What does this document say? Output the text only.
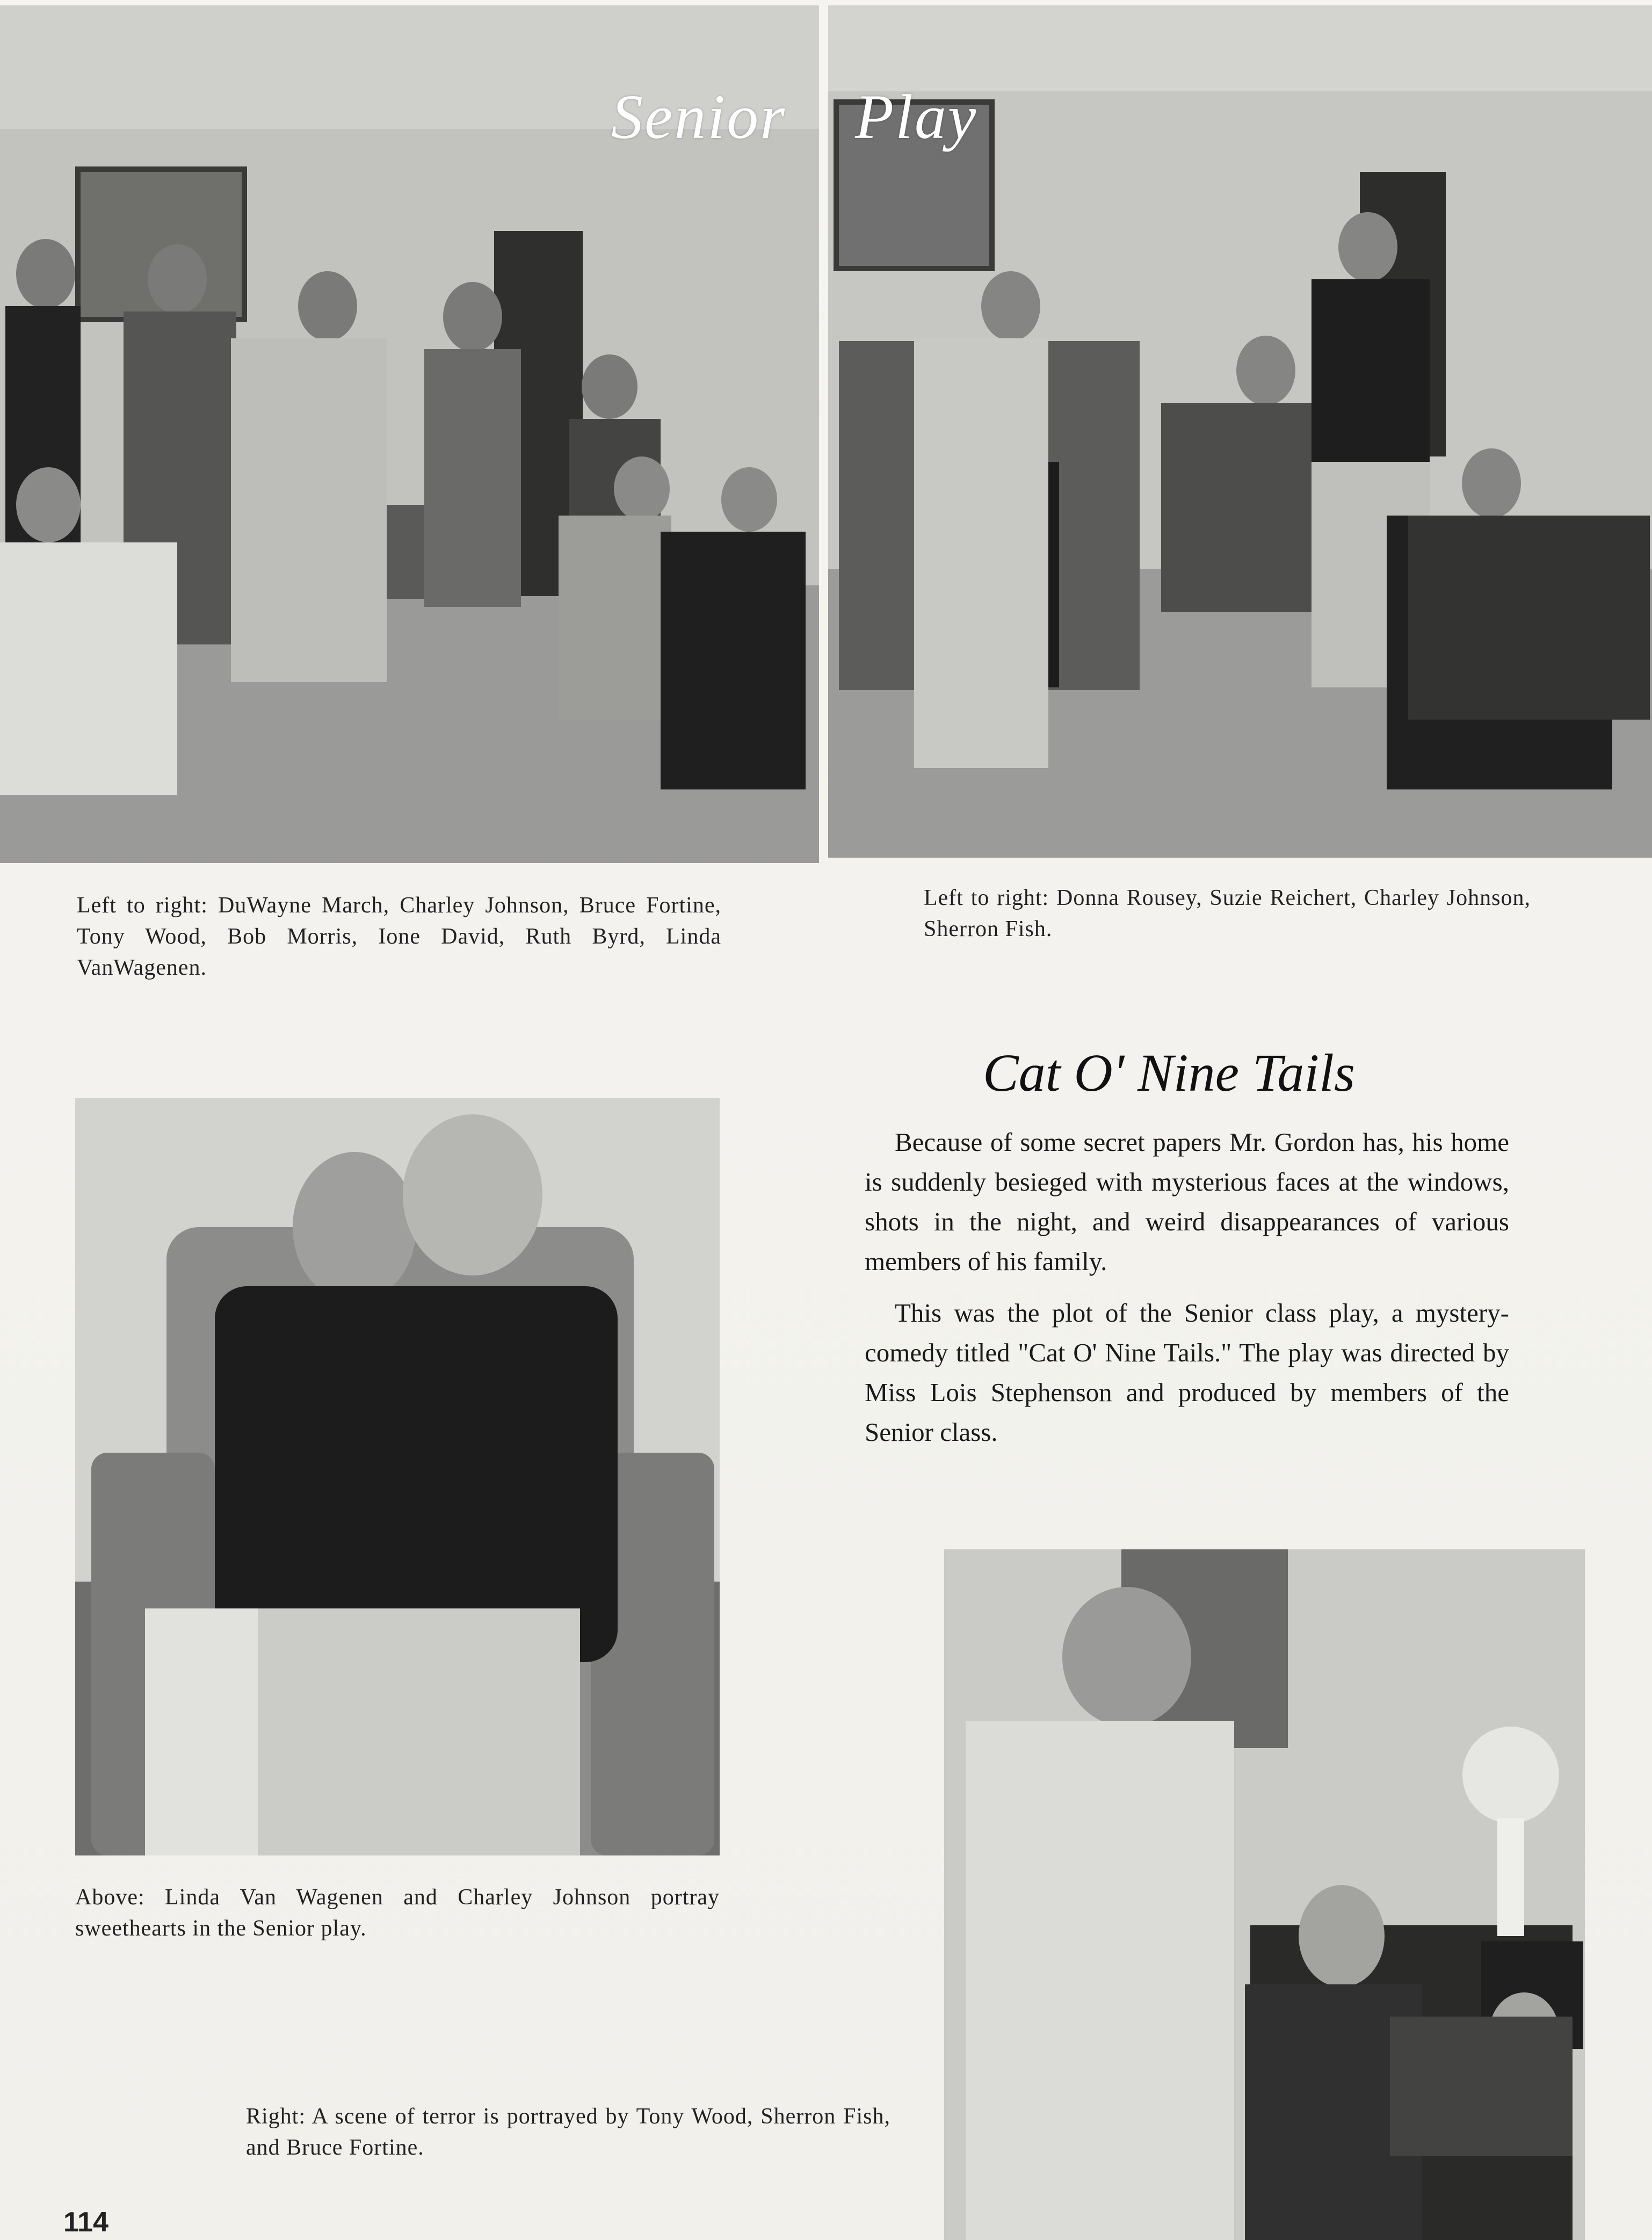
Play
Senior
Left to right: DuWayne March, Charley Johnson, Bruce Fortine, Tony Wood, Bob Morris, Ione David, Ruth Byrd, Linda VanWagenen.
Left to right: Donna Rousey, Suzie Reichert, Charley Johnson, Sherron Fish.
Above: Linda Van Wagenen and Charley Johnson portray sweethearts in the Senior play.
Cat O' Nine Tails

Because of some secret papers Mr. Gordon has, his home is suddenly besieged with mysterious faces at the windows, shots in the night, and weird disappearances of various members of his family.

This was the plot of the Senior class play, a mystery-comedy titled "Cat O' Nine Tails." The play was directed by Miss Lois Stephenson and produced by members of the Senior class.

Right: A scene of terror is portrayed by Tony Wood, Sherron Fish, and Bruce Fortine.
114
